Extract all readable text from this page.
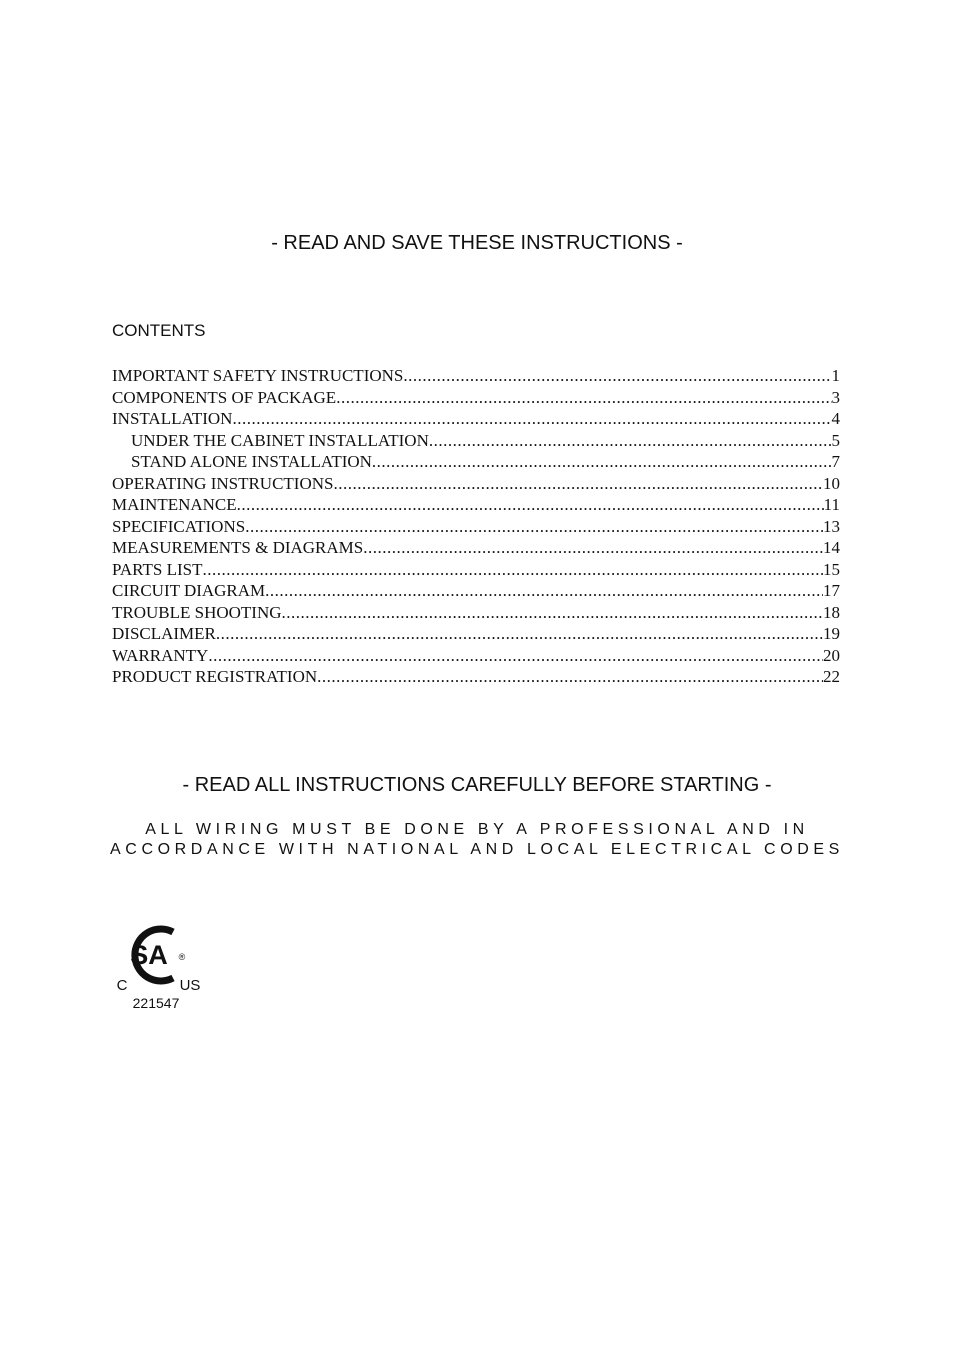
- READ AND SAVE THESE INSTRUCTIONS -
CONTENTS
IMPORTANT SAFETY INSTRUCTIONS .....	1
COMPONENTS OF PACKAGE .....	3
INSTALLATION .....	4
UNDER THE CABINET INSTALLATION .....	5
STAND ALONE INSTALLATION .....	7
OPERATING INSTRUCTIONS .....	10
MAINTENANCE .....	11
SPECIFICATIONS .....	13
MEASUREMENTS & DIAGRAMS .....	14
PARTS LIST .....	15
CIRCUIT DIAGRAM .....	17
TROUBLE SHOOTING .....	18
DISCLAIMER .....	19
WARRANTY .....	20
PRODUCT REGISTRATION .....	22
- READ ALL INSTRUCTIONS CAREFULLY BEFORE STARTING -
ALL WIRING MUST BE DONE BY A PROFESSIONAL AND IN
ACCORDANCE WITH NATIONAL AND LOCAL ELECTRICAL CODES
SA ®
C	US
221547
